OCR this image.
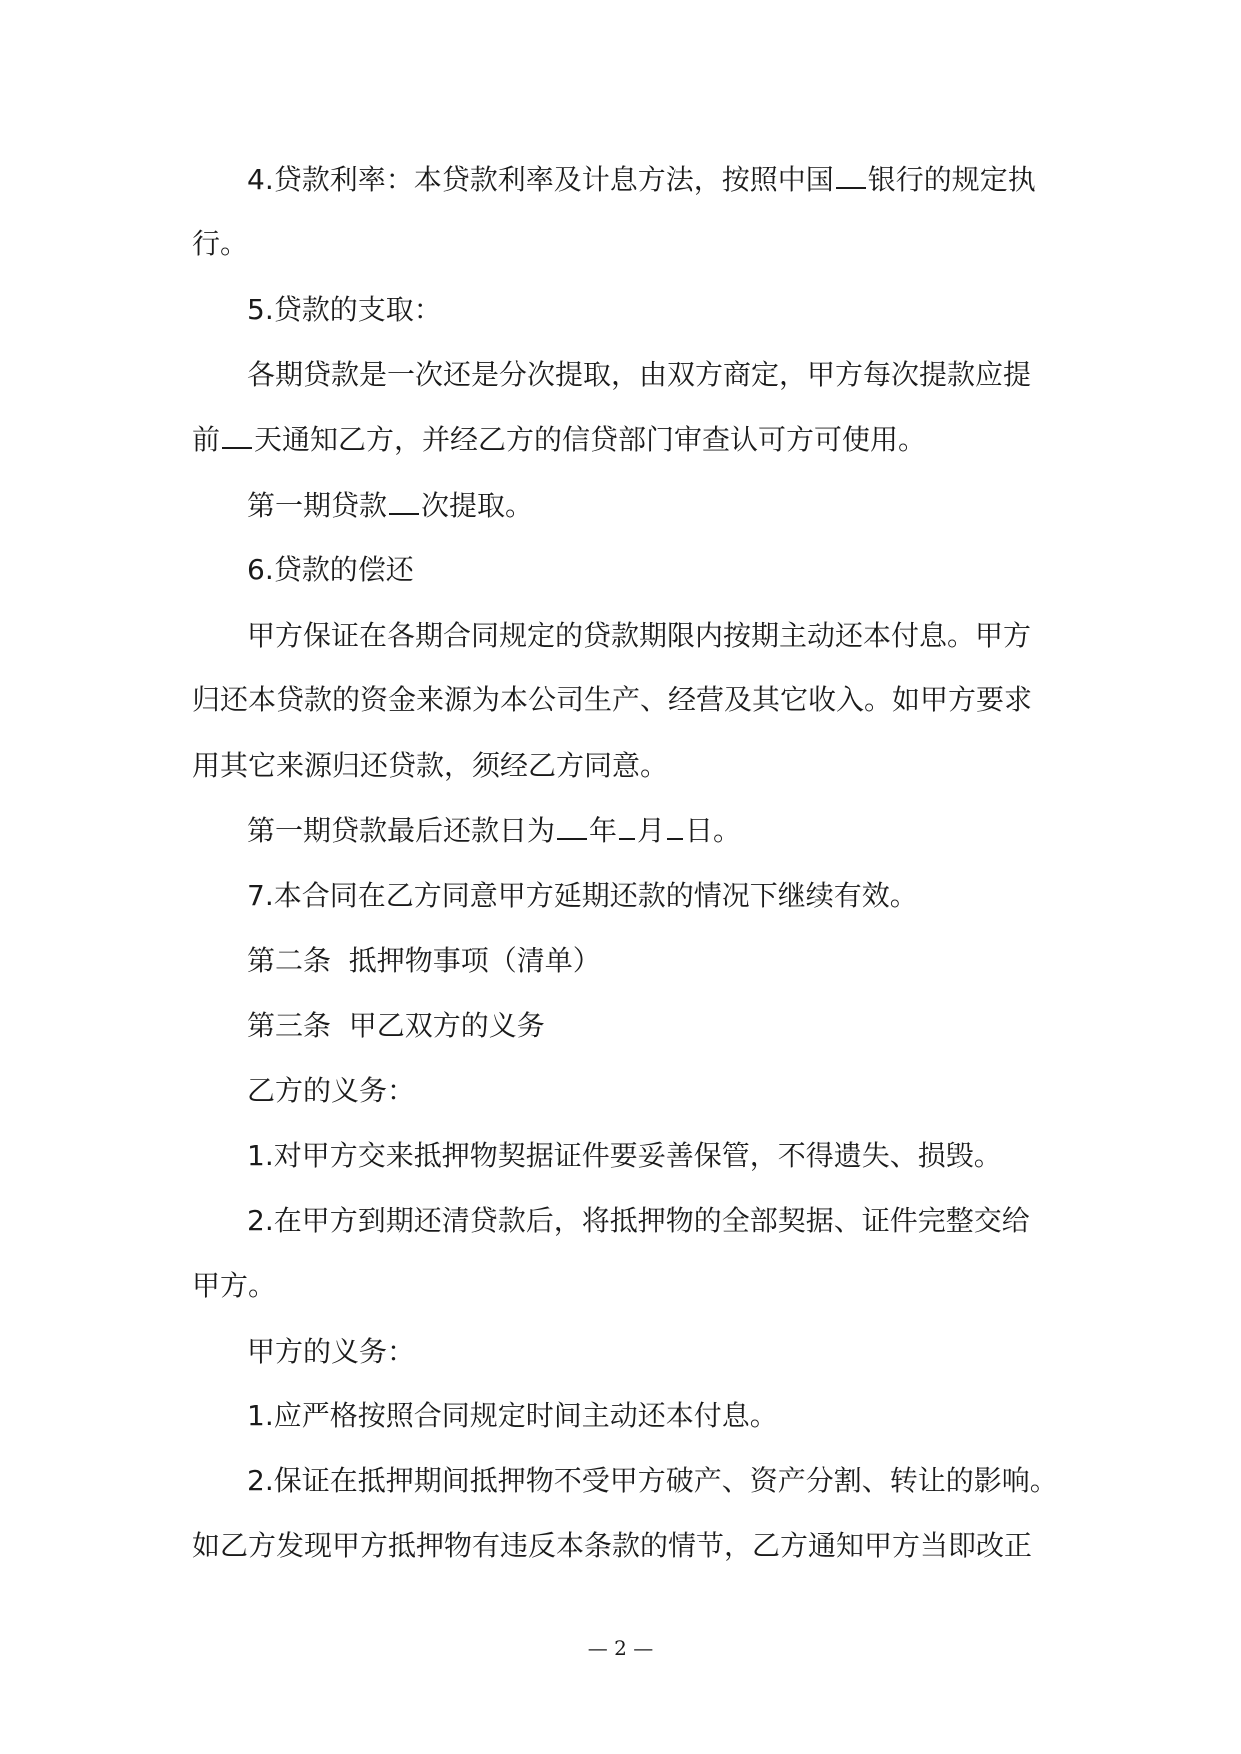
4.贷款利率：本贷款利率及计息方法，按照中国 银行的规定执
行。
5.贷款的支取：
各期贷款是一次还是分次提取，由双方商定，甲方每次提款应提
前 天通知乙方，并经乙方的信贷部门审查认可方可使用。
第一期贷款 次提取。
6.贷款的偿还
甲方保证在各期合同规定的贷款期限内按期主动还本付息。甲方
归还本贷款的资金来源为本公司生产、经营及其它收入。如甲方要求
用其它来源归还贷款，须经乙方同意。
第一期贷款最后还款日为 年 月 日。
7.本合同在乙方同意甲方延期还款的情况下继续有效。
第二条  抵押物事项（清单）
第三条  甲乙双方的义务
乙方的义务：
1.对甲方交来抵押物契据证件要妥善保管，不得遗失、损毁。
2.在甲方到期还清贷款后，将抵押物的全部契据、证件完整交给
甲方。
甲方的义务：
1.应严格按照合同规定时间主动还本付息。
2.保证在抵押期间抵押物不受甲方破产、资产分割、转让的影响。
如乙方发现甲方抵押物有违反本条款的情节，乙方通知甲方当即改正
— 2 —
